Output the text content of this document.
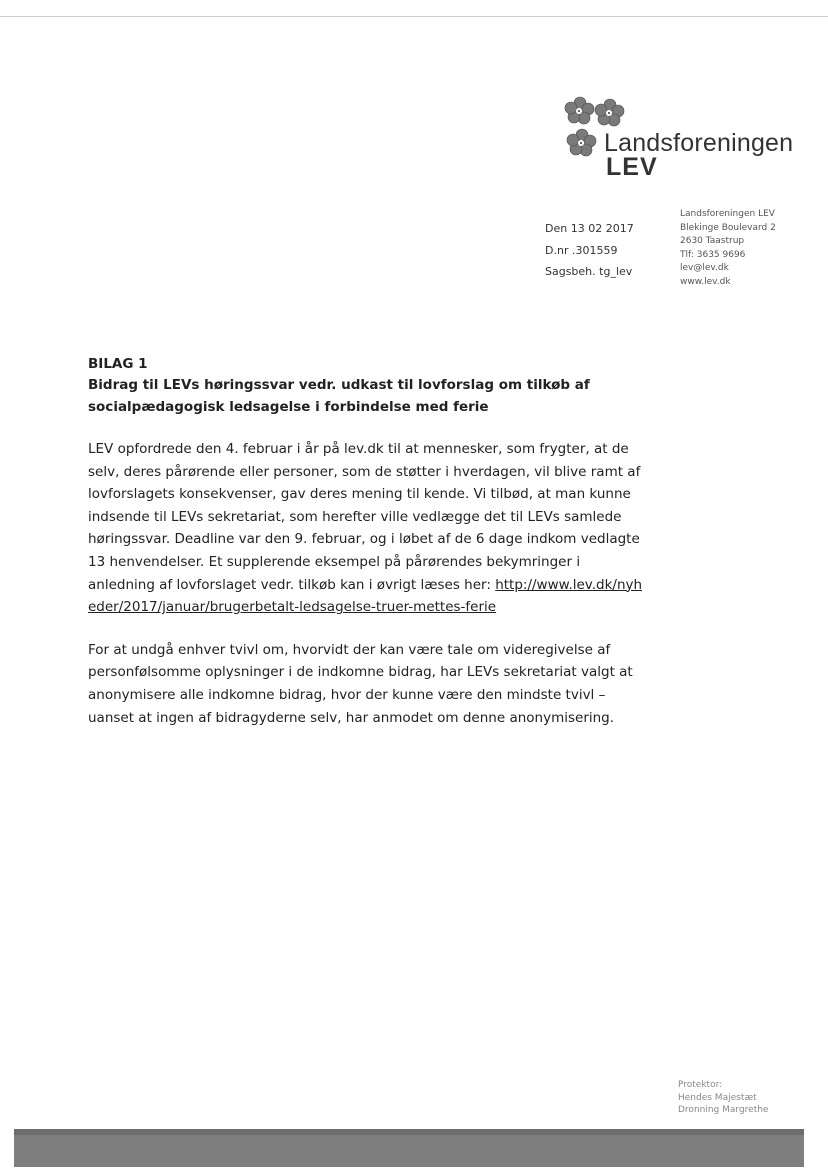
Landsforeningen
LEV
Den 13 02 2017
D.nr .301559
Sagsbeh. tg_lev
Landsforeningen LEV
Blekinge Boulevard 2
2630 Taastrup
Tlf: 3635 9696
lev@lev.dk
www.lev.dk

BILAG 1

Bidrag til LEVs høringssvar vedr. udkast til lovforslag om tilkøb af socialpædagogisk ledsagelse i forbindelse med ferie

LEV opfordrede den 4. februar i år på lev.dk til at mennesker, som frygter, at de selv, deres pårørende eller personer, som de støtter i hverdagen, vil blive ramt af lovforslagets konsekvenser, gav deres mening til kende. Vi tilbød, at man kunne indsende til LEVs sekretariat, som herefter ville vedlægge det til LEVs samlede høringssvar. Deadline var den 9. februar, og i løbet af de 6 dage indkom vedlagte 13 henvendelser. Et supplerende eksempel på pårørendes bekymringer i anledning af lovforslaget vedr. tilkøb kan i øvrigt læses her: http://www.lev.dk/nyheder/2017/januar/brugerbetalt-ledsagelse-truer-mettes-ferie

For at undgå enhver tvivl om, hvorvidt der kan være tale om videregivelse af personfølsomme oplysninger i de indkomne bidrag, har LEVs sekretariat valgt at anonymisere alle indkomne bidrag, hvor der kunne være den mindste tvivl – uanset at ingen af bidragyderne selv, har anmodet om denne anonymisering.

Protektor:
Hendes Majestæt
Dronning Margrethe
